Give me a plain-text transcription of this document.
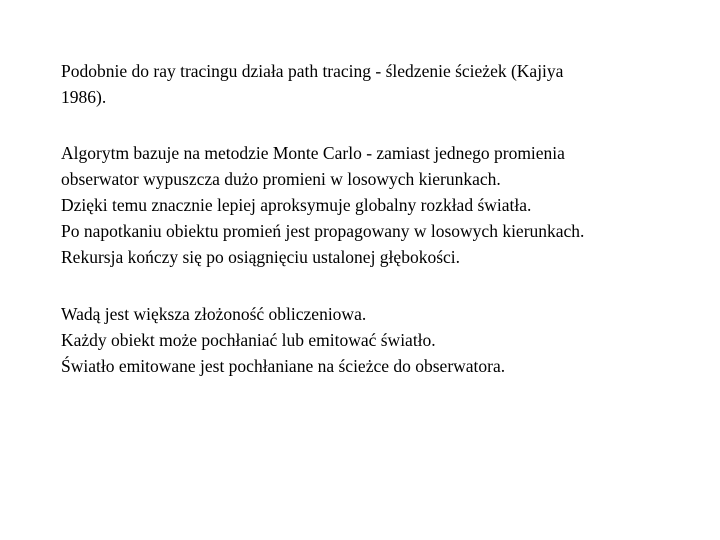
Podobnie do ray tracingu działa path tracing - śledzenie ścieżek (Kajiya
1986).
Algorytm bazuje na metodzie Monte Carlo - zamiast jednego promienia
obserwator wypuszcza dużo promieni w losowych kierunkach.
Dzięki temu znacznie lepiej aproksymuje globalny rozkład światła.
Po napotkaniu obiektu promień jest propagowany w losowych kierunkach.
Rekursja kończy się po osiągnięciu ustalonej głębokości.
Wadą jest większa złożoność obliczeniowa.
Każdy obiekt może pochłaniać lub emitować światło.
Światło emitowane jest pochłaniane na ścieżce do obserwatora.
